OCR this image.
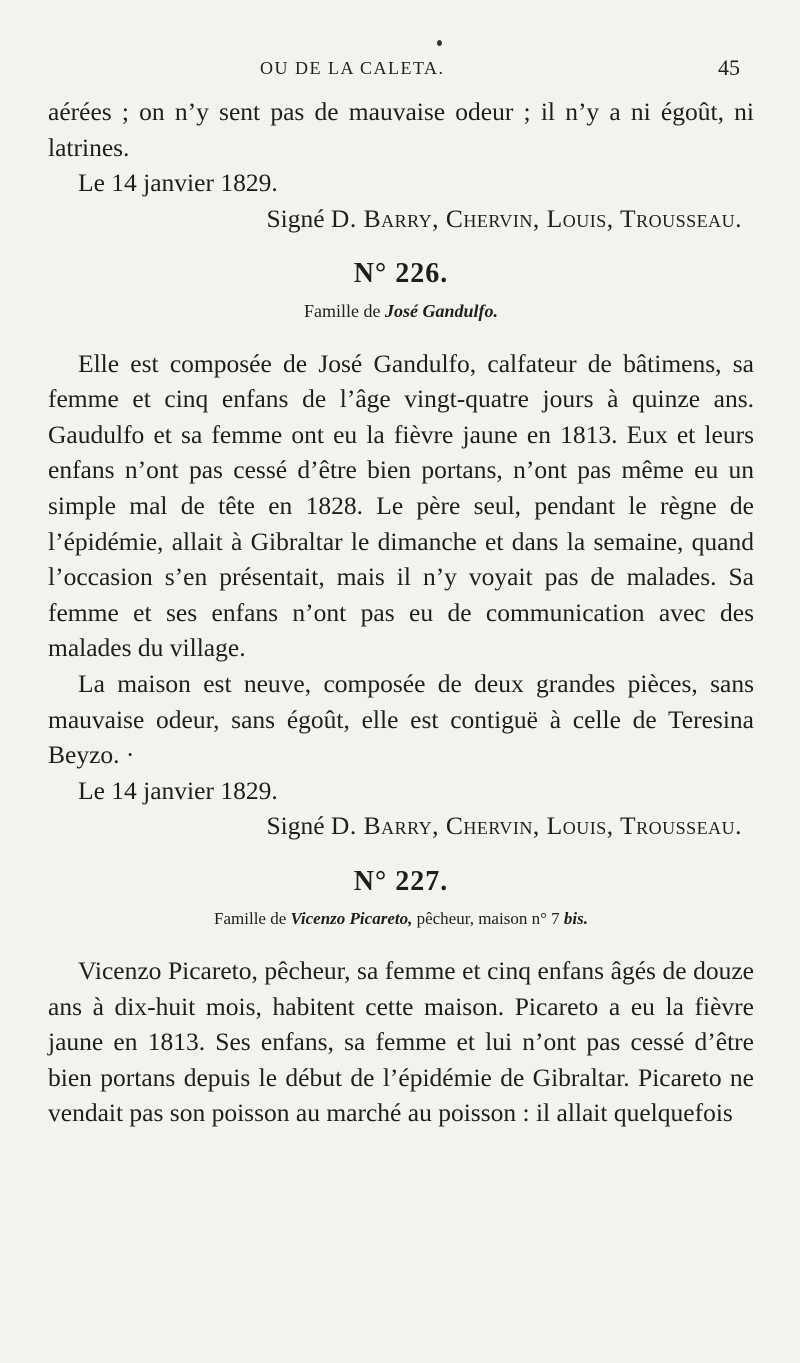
OU DE LA CALETA.	45

aérées ; on n’y sent pas de mauvaise odeur ; il n’y a ni égoût, ni latrines.

Le 14 janvier 1829.

Signé D. Barry, Chervin, Louis, Trousseau.

N° 226.

Famille de José Gandulfo.

Elle est composée de José Gandulfo, calfateur de bâtimens, sa femme et cinq enfans de l’âge vingt-quatre jours à quinze ans. Gaudulfo et sa femme ont eu la fièvre jaune en 1813. Eux et leurs enfans n’ont pas cessé d’être bien portans, n’ont pas même eu un simple mal de tête en 1828. Le père seul, pendant le règne de l’épidémie, allait à Gibraltar le dimanche et dans la semaine, quand l’occasion s’en présentait, mais il n’y voyait pas de malades. Sa femme et ses enfans n’ont pas eu de communication avec des malades du village.

La maison est neuve, composée de deux grandes pièces, sans mauvaise odeur, sans égoût, elle est contiguë à celle de Teresina Beyzo. ·

Le 14 janvier 1829.

Signé D. Barry, Chervin, Louis, Trousseau.

N° 227.

Famille de Vicenzo Picareto, pêcheur, maison n° 7 bis.

Vicenzo Picareto, pêcheur, sa femme et cinq enfans âgés de douze ans à dix-huit mois, habitent cette maison. Picareto a eu la fièvre jaune en 1813. Ses enfans, sa femme et lui n’ont pas cessé d’être bien portans depuis le début de l’épidémie de Gibraltar. Picareto ne vendait pas son poisson au marché au poisson : il allait quelquefois
